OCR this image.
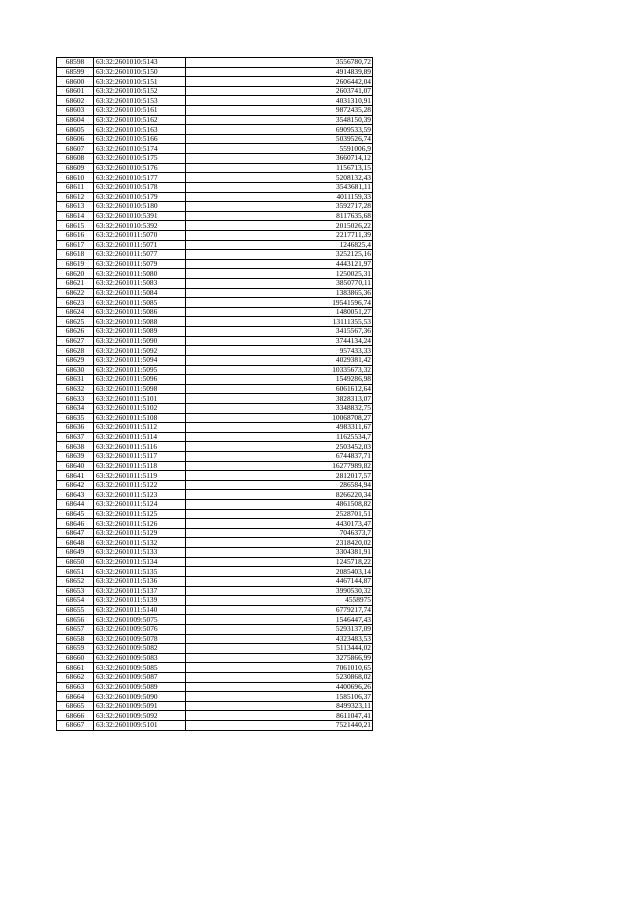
68598	63:32:2601010:5143	3556780,72
68599	63:32:2601010:5150	4914839,89
68600	63:32:2601010:5151	2606442,04
68601	63:32:2601010:5152	2603741,07
68602	63:32:2601010:5153	4031310,91
68603	63:32:2601010:5161	9872435,28
68604	63:32:2601010:5162	3548150,39
68605	63:32:2601010:5163	6909533,59
68606	63:32:2601010:5166	5039526,74
68607	63:32:2601010:5174	5591006,9
68608	63:32:2601010:5175	3660714,12
68609	63:32:2601010:5176	1156713,15
68610	63:32:2601010:5177	5208132,43
68611	63:32:2601010:5178	3543681,11
68612	63:32:2601010:5179	4011159,33
68613	63:32:2601010:5180	3592717,28
68614	63:32:2601010:5391	8117635,68
68615	63:32:2601010:5392	2015026,22
68616	63:32:2601011:5070	2217711,39
68617	63:32:2601011:5071	1246825,4
68618	63:32:2601011:5077	3252125,16
68619	63:32:2601011:5079	4443121,97
68620	63:32:2601011:5080	1250025,31
68621	63:32:2601011:5083	3850770,11
68622	63:32:2601011:5084	1383865,36
68623	63:32:2601011:5085	19541596,74
68624	63:32:2601011:5086	1480051,27
68625	63:32:2601011:5088	13111355,53
68626	63:32:2601011:5089	3415567,36
68627	63:32:2601011:5090	3744134,24
68628	63:32:2601011:5092	957433,33
68629	63:32:2601011:5094	4029381,42
68630	63:32:2601011:5095	10335673,32
68631	63:32:2601011:5096	1549286,98
68632	63:32:2601011:5098	6061612,64
68633	63:32:2601011:5101	3828313,07
68634	63:32:2601011:5102	3348832,75
68635	63:32:2601011:5108	10068708,27
68636	63:32:2601011:5112	4983311,67
68637	63:32:2601011:5114	11625534,7
68638	63:32:2601011:5116	2503452,03
68639	63:32:2601011:5117	6744837,71
68640	63:32:2601011:5118	16277989,82
68641	63:32:2601011:5119	2812017,57
68642	63:32:2601011:5122	286584,94
68643	63:32:2601011:5123	8266220,34
68644	63:32:2601011:5124	4861508,82
68645	63:32:2601011:5125	2528701,51
68646	63:32:2601011:5126	4430173,47
68647	63:32:2601011:5129	7046373,7
68648	63:32:2601011:5132	2318420,02
68649	63:32:2601011:5133	3304381,91
68650	63:32:2601011:5134	1245718,22
68651	63:32:2601011:5135	2085403,14
68652	63:32:2601011:5136	4467144,87
68653	63:32:2601011:5137	3990530,32
68654	63:32:2601011:5139	4558975
68655	63:32:2601011:5140	6779217,74
68656	63:32:2601009:5075	1546447,43
68657	63:32:2601009:5076	5293137,09
68658	63:32:2601009:5078	4323483,53
68659	63:32:2601009:5082	5113444,02
68660	63:32:2601009:5083	3275866,99
68661	63:32:2601009:5085	7061010,65
68662	63:32:2601009:5087	5230868,02
68663	63:32:2601009:5089	4400696,26
68664	63:32:2601009:5090	1585106,37
68665	63:32:2601009:5091	8499323,11
68666	63:32:2601009:5092	8611047,41
68667	63:32:2601009:5101	7521440,21
